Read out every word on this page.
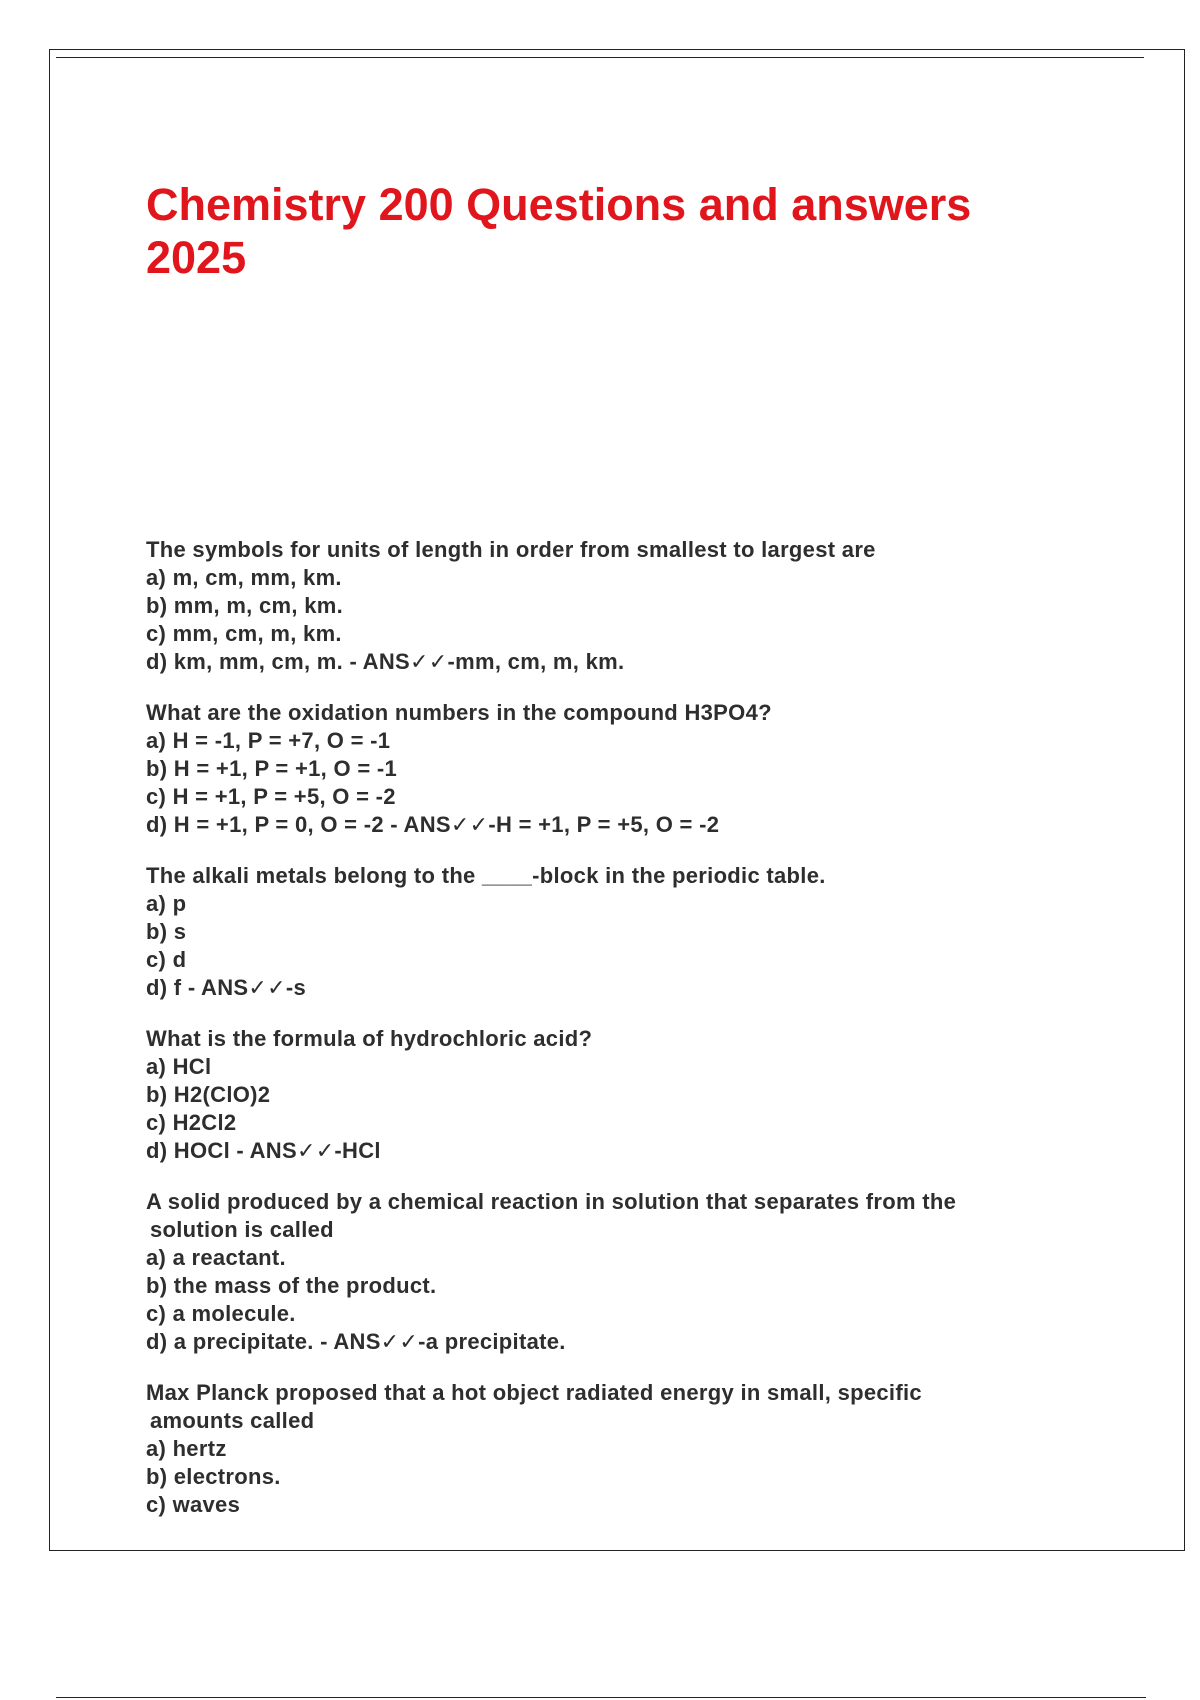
Chemistry 200 Questions and answers 2025
The symbols for units of length in order from smallest to largest are
a) m, cm, mm, km.
b) mm, m, cm, km.
c) mm, cm, m, km.
d) km, mm, cm, m. - ANS✓✓-mm, cm, m, km.
What are the oxidation numbers in the compound H3PO4?
a) H = -1, P = +7, O = -1
b) H = +1, P = +1, O = -1
c) H = +1, P = +5, O = -2
d) H = +1, P = 0, O = -2 - ANS✓✓-H = +1, P = +5, O = -2
The alkali metals belong to the ____-block in the periodic table.
a) p
b) s
c) d
d) f - ANS✓✓-s
What is the formula of hydrochloric acid?
a) HCl
b) H2(ClO)2
c) H2Cl2
d) HOCl - ANS✓✓-HCl
A solid produced by a chemical reaction in solution that separates from the
solution is called
a) a reactant.
b) the mass of the product.
c) a molecule.
d) a precipitate. - ANS✓✓-a precipitate.
Max Planck proposed that a hot object radiated energy in small, specific
amounts called
a) hertz
b) electrons.
c) waves
